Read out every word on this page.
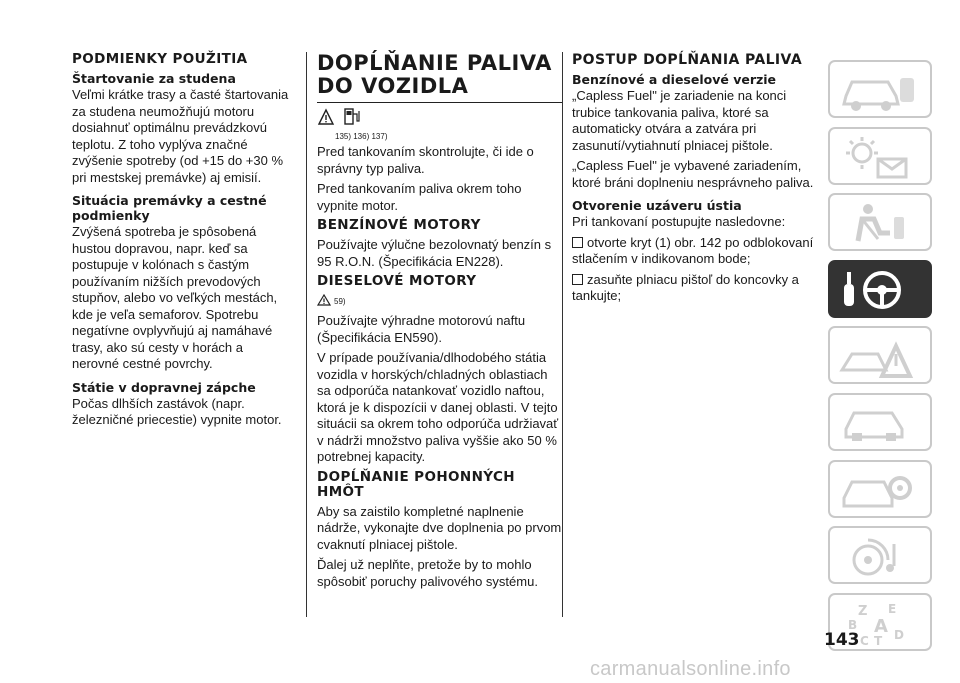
PODMIENKY POUŽITIA
Štartovanie za studena

Veľmi krátke trasy a časté štartovania za studena neumožňujú motoru dosiahnuť optimálnu prevádzkovú teplotu. Z toho vyplýva značné zvýšenie spotreby (od +15 do +30 % pri mestskej premávke) aj emisií.

Situácia premávky a cestné podmienky

Zvýšená spotreba je spôsobená hustou dopravou, napr. keď sa postupuje v kolónach s častým používaním nižších prevodových stupňov, alebo vo veľkých mestách, kde je veľa semaforov. Spotrebu negatívne ovplyvňujú aj namáhavé trasy, ako sú cesty v horách a nerovné cestné povrchy.

Státie v dopravnej zápche

Počas dlhších zastávok (napr. železničné priecestie) vypnite motor.

DOPĹŇANIE PALIVA DO VOZIDLA
135) 136) 137)

Pred tankovaním skontrolujte, či ide o správny typ paliva.

Pred tankovaním paliva okrem toho vypnite motor.

BENZÍNOVÉ MOTORY

Používajte výlučne bezolovnatý benzín s 95 R.O.N. (Špecifikácia EN228).

DIESELOVÉ MOTORY
59)

Používajte výhradne motorovú naftu (Špecifikácia EN590).

V prípade používania/dlhodobého státia vozidla v horských/chladných oblastiach sa odporúča natankovať vozidlo naftou, ktorá je k dispozícii v danej oblasti. V tejto situácii sa okrem toho odporúča udržiavať v nádrži množstvo paliva vyššie ako 50 % potrebnej kapacity.

DOPĹŇANIE POHONNÝCH HMÔT

Aby sa zaistilo kompletné naplnenie nádrže, vykonajte dve doplnenia po prvom cvaknutí plniacej pištole.

Ďalej už neplňte, pretože by to mohlo spôsobiť poruchy palivového systému.

POSTUP DOPĹŇANIA PALIVA
Benzínové a dieselové verzie

„Capless Fuel" je zariadenie na konci trubice tankovania paliva, ktoré sa automaticky otvára a zatvára pri zasunutí/vytiahnutí plniacej pištole.

„Capless Fuel" je vybavené zariadením, ktoré bráni doplneniu nesprávneho paliva.

Otvorenie uzáveru ústia

Pri tankovaní postupujte nasledovne:

otvorte kryt (1) obr. 142 po odblokovaní stlačením v indikovanom bode;

zasuňte plniacu pištoľ do koncovky a tankujte;

Z E
B A
C T D
143
carmanualsonline.info
